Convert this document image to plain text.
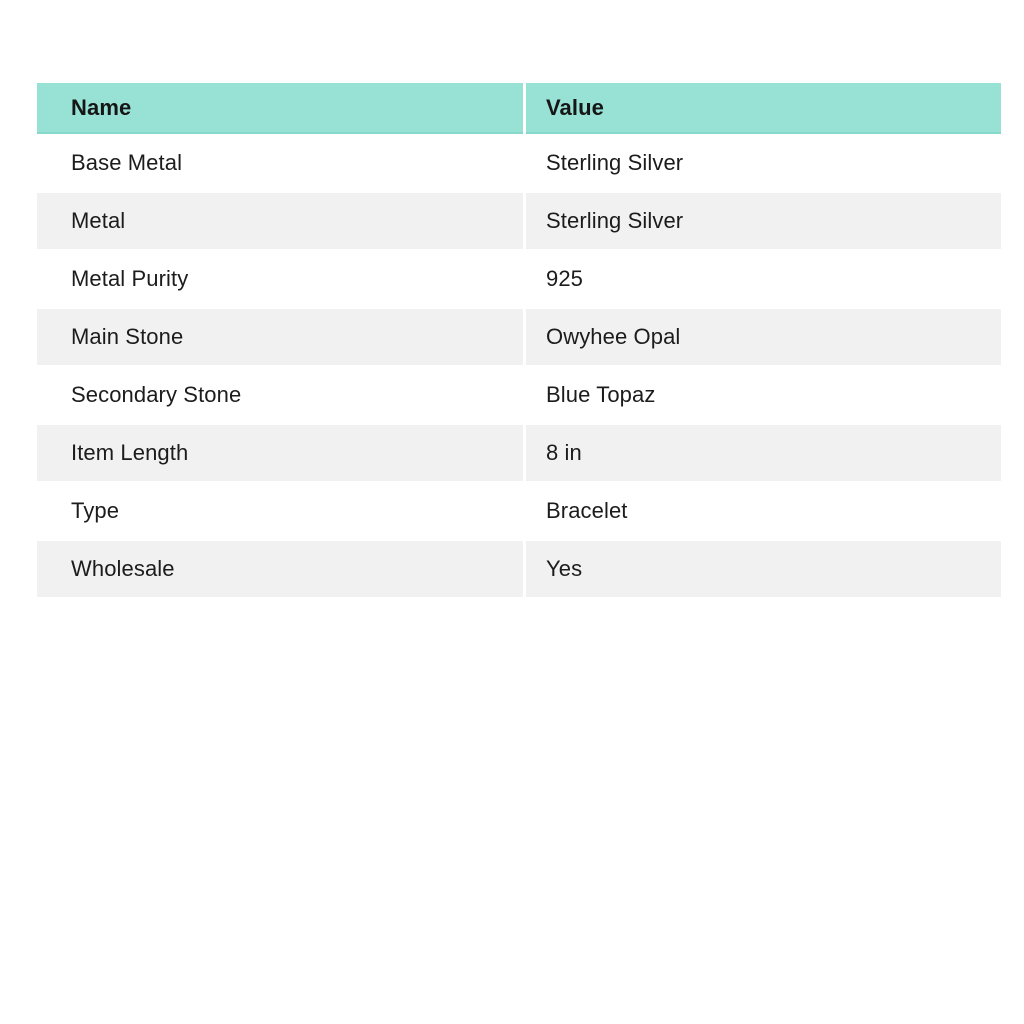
Name	Value
Base Metal	Sterling Silver
Metal	Sterling Silver
Metal Purity	925
Main Stone	Owyhee Opal
Secondary Stone	Blue Topaz
Item Length	8 in
Type	Bracelet
Wholesale	Yes
